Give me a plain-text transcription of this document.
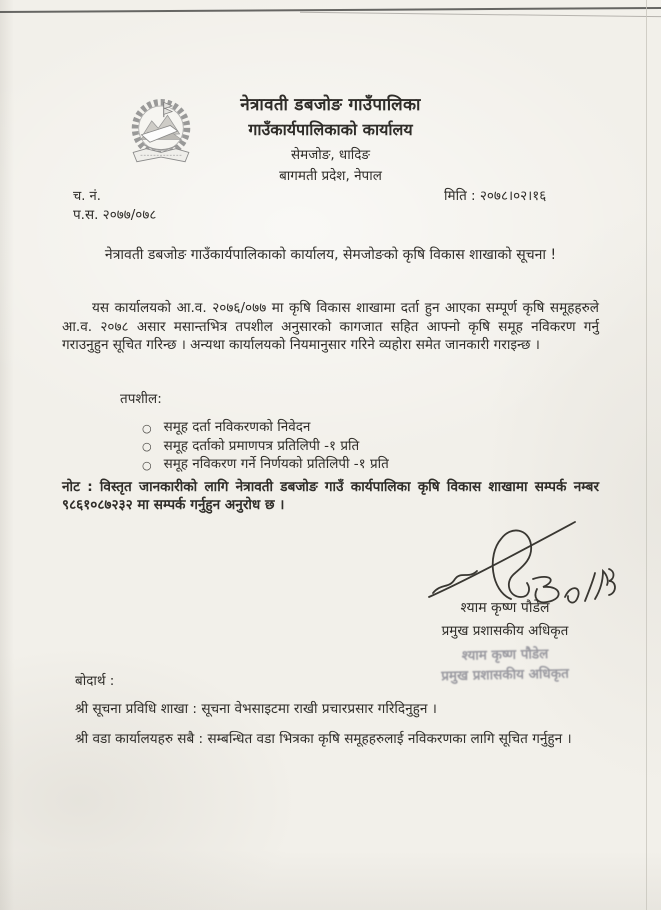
नेत्रावती डबजोङ गाउँपालिका
गाउँकार्यपालिकाको कार्यालय
सेमजोङ, धादिङ
बागमती प्रदेश, नेपाल
च. नं.	मिति : २०७८।०२।१६
प.स. २०७७/०७८
नेत्रावती डबजोङ गाउँकार्यपालिकाको कार्यालय, सेमजोङको कृषि विकास शाखाको सूचना !

यस कार्यालयको आ.व. २०७६/०७७ मा कृषि विकास शाखामा दर्ता हुन आएका सम्पूर्ण कृषि समूहहरुले आ.व. २०७८ असार मसान्तभित्र तपशील अनुसारको कागजात सहित आफ्नो कृषि समूह नविकरण गर्नु गराउनुहुन सूचित गरिन्छ । अन्यथा कार्यालयको नियमानुसार गरिने व्यहोरा समेत जानकारी गराइन्छ ।

तपशील:
○ समूह दर्ता नविकरणको निवेदन
○ समूह दर्ताको प्रमाणपत्र प्रतिलिपी -१ प्रति
○ समूह नविकरण गर्ने निर्णयको प्रतिलिपी -१ प्रति

नोट : विस्तृत जानकारीको लागि नेत्रावती डबजोङ गाउँ कार्यपालिका कृषि विकास शाखामा सम्पर्क नम्बर ९८६१०८७२३२ मा सम्पर्क गर्नुहुन अनुरोध छ ।

श्याम कृष्ण पौडेल
प्रमुख प्रशासकीय अधिकृत
श्याम कृष्ण पौडेल
प्रमुख प्रशासकीय अधिकृत
बोदार्थ :

श्री सूचना प्रविधि शाखा : सूचना वेभसाइटमा राखी प्रचारप्रसार गरिदिनुहुन ।

श्री वडा कार्यालयहरु सबै : सम्बन्धित वडा भित्रका कृषि समूहहरुलाई नविकरणका लागि सूचित गर्नुहुन ।
